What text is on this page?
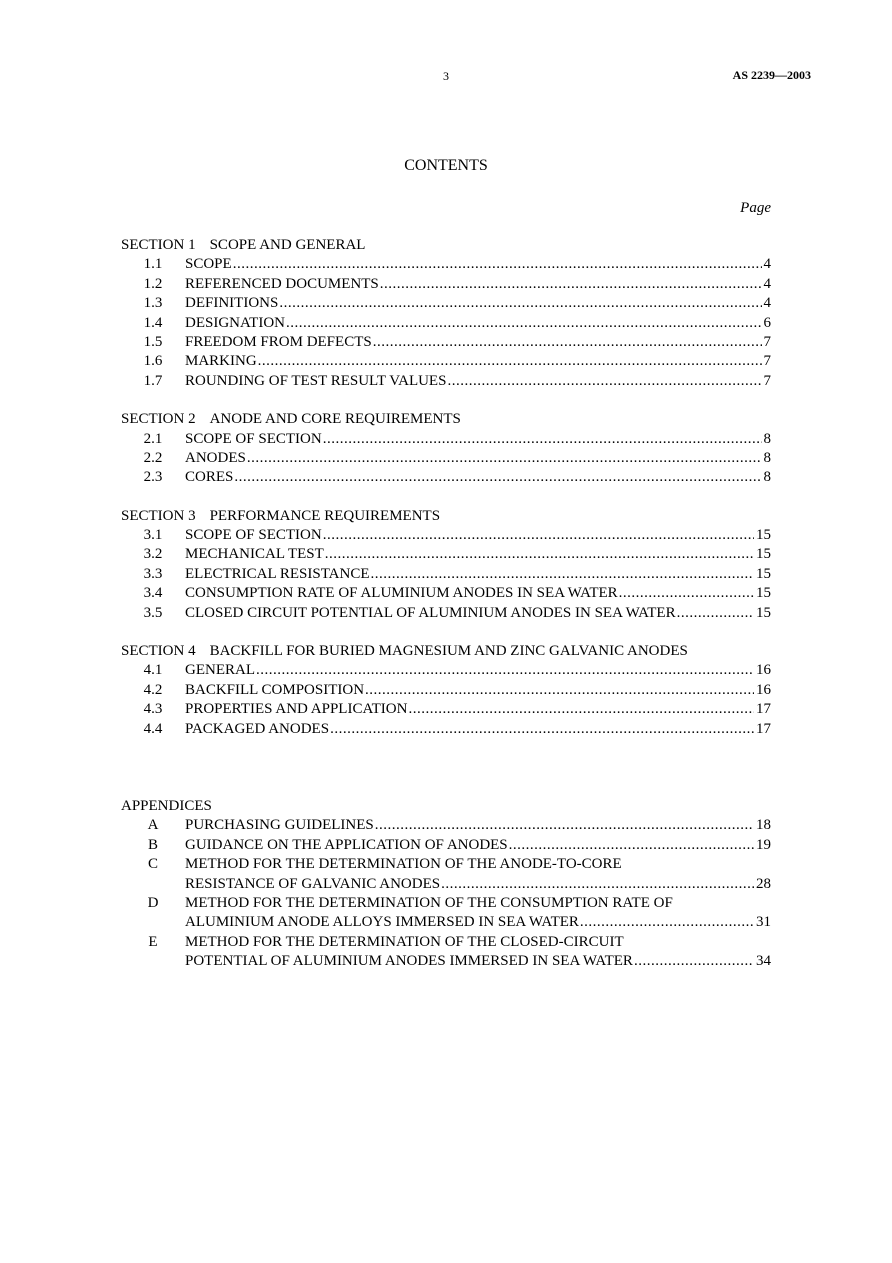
3	AS 2239—2003
CONTENTS
Page
SECTION 1 SCOPE AND GENERAL
1.1	SCOPE .....	4
1.2	REFERENCED DOCUMENTS .....	4
1.3	DEFINITIONS .....	4
1.4	DESIGNATION .....	6
1.5	FREEDOM FROM DEFECTS .....	7
1.6	MARKING .....	7
1.7	ROUNDING OF TEST RESULT VALUES .....	7
SECTION 2 ANODE AND CORE REQUIREMENTS
2.1	SCOPE OF SECTION .....	8
2.2	ANODES .....	8
2.3	CORES .....	8
SECTION 3 PERFORMANCE REQUIREMENTS
3.1	SCOPE OF SECTION .....	15
3.2	MECHANICAL TEST .....	15
3.3	ELECTRICAL RESISTANCE .....	15
3.4	CONSUMPTION RATE OF ALUMINIUM ANODES IN SEA WATER .....	15
3.5	CLOSED CIRCUIT POTENTIAL OF ALUMINIUM ANODES IN SEA WATER .....	15
SECTION 4 BACKFILL FOR BURIED MAGNESIUM AND ZINC GALVANIC ANODES
4.1	GENERAL .....	16
4.2	BACKFILL COMPOSITION .....	16
4.3	PROPERTIES AND APPLICATION .....	17
4.4	PACKAGED ANODES .....	17
APPENDICES
A	PURCHASING GUIDELINES .....	18
B	GUIDANCE ON THE APPLICATION OF ANODES .....	19
C	METHOD FOR THE DETERMINATION OF THE ANODE-TO-CORE
RESISTANCE OF GALVANIC ANODES .....	28
D	METHOD FOR THE DETERMINATION OF THE CONSUMPTION RATE OF
ALUMINIUM ANODE ALLOYS IMMERSED IN SEA WATER .....	31
E	METHOD FOR THE DETERMINATION OF THE CLOSED-CIRCUIT
POTENTIAL OF ALUMINIUM ANODES IMMERSED IN SEA WATER .....	34
